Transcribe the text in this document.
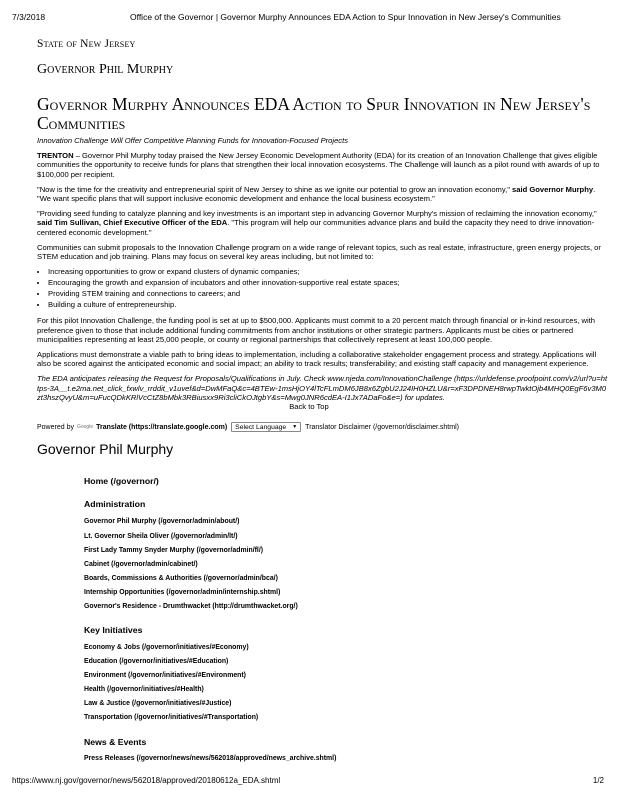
7/3/2018	Office of the Governor | Governor Murphy Announces EDA Action to Spur Innovation in New Jersey's Communities
State of New Jersey
Governor Phil Murphy
Governor Murphy Announces EDA Action to Spur Innovation in New Jersey's Communities

Innovation Challenge Will Offer Competitive Planning Funds for Innovation-Focused Projects

TRENTON – Governor Phil Murphy today praised the New Jersey Economic Development Authority (EDA) for its creation of an Innovation Challenge that gives eligible communities the opportunity to receive funds for plans that strengthen their local innovation ecosystems. The Challenge will launch as a pilot round with awards of up to $100,000 per recipient.

"Now is the time for the creativity and entrepreneurial spirit of New Jersey to shine as we ignite our potential to grow an innovation economy," said Governor Murphy. "We want specific plans that will support inclusive economic development and enhance the local business ecosystem."

"Providing seed funding to catalyze planning and key investments is an important step in advancing Governor Murphy's mission of reclaiming the innovation economy," said Tim Sullivan, Chief Executive Officer of the EDA. "This program will help our communities advance plans and build the capacity they need to drive innovation-centered economic development."

Communities can submit proposals to the Innovation Challenge program on a wide range of relevant topics, such as real estate, infrastructure, green energy projects, or STEM education and job training. Plans may focus on several key areas including, but not limited to:

• Increasing opportunities to grow or expand clusters of dynamic companies;
• Encouraging the growth and expansion of incubators and other innovation-supportive real estate spaces;
• Providing STEM training and connections to careers; and
• Building a culture of entrepreneurship.

For this pilot Innovation Challenge, the funding pool is set at up to $500,000. Applicants must commit to a 20 percent match through financial or in-kind resources, with preference given to those that include additional funding commitments from anchor institutions or other strategic partners. Applicants must be cities or partnered municipalities representing at least 25,000 people, or county or regional partnerships that collectively represent at least 100,000 people.

Applications must demonstrate a viable path to bring ideas to implementation, including a collaborative stakeholder engagement process and strategy. Applications will also be scored against the anticipated economic and social impact; an ability to track results; transferability; and existing staff capacity and management experience.

The EDA anticipates releasing the Request for Proposals/Qualifications in July. Check www.njeda.com/InnovationChallenge (https://urldefense.proofpoint.com/v2/url?u=https-3A__t.e2ma.net_click_fxwlv_rrddit_v1uvef&d=DwMFaQ&c=4BTEw-1msHjOY4lTcFLmDM6JB8x6ZgbU2J24IH0HZLU&r=xF3DPDNEH8rwpTwktOjb4MHQ0EgF6v3M0zt3hszQvyU&m=uFucQDkKRlVcCtZ8bMbk3RBiusxx9Ri3cliCkOJtgbY&s=Mwg0JNR6cdEA-I1Jx7ADaFo&e=) for updates.

Back to Top
Powered by Google Translate (https://translate.google.com) Select Language ▼ Translator Disclaimer (/governor/disclaimer.shtml)
Governor Phil Murphy
Home (/governor/)
Administration
Governor Phil Murphy (/governor/admin/about/)
Lt. Governor Sheila Oliver (/governor/admin/lt/)
First Lady Tammy Snyder Murphy (/governor/admin/fl/)
Cabinet (/governor/admin/cabinet/)
Boards, Commissions & Authorities (/governor/admin/bca/)
Internship Opportunities (/governor/admin/internship.shtml)
Governor's Residence - Drumthwacket (http://drumthwacket.org/)
Key Initiatives
Economy & Jobs (/governor/initiatives/#Economy)
Education (/governor/initiatives/#Education)
Environment (/governor/initiatives/#Environment)
Health (/governor/initiatives/#Health)
Law & Justice (/governor/initiatives/#Justice)
Transportation (/governor/initiatives/#Transportation)
News & Events
Press Releases (/governor/news/news/562018/approved/news_archive.shtml)
https://www.nj.gov/governor/news/562018/approved/20180612a_EDA.shtml	1/2
